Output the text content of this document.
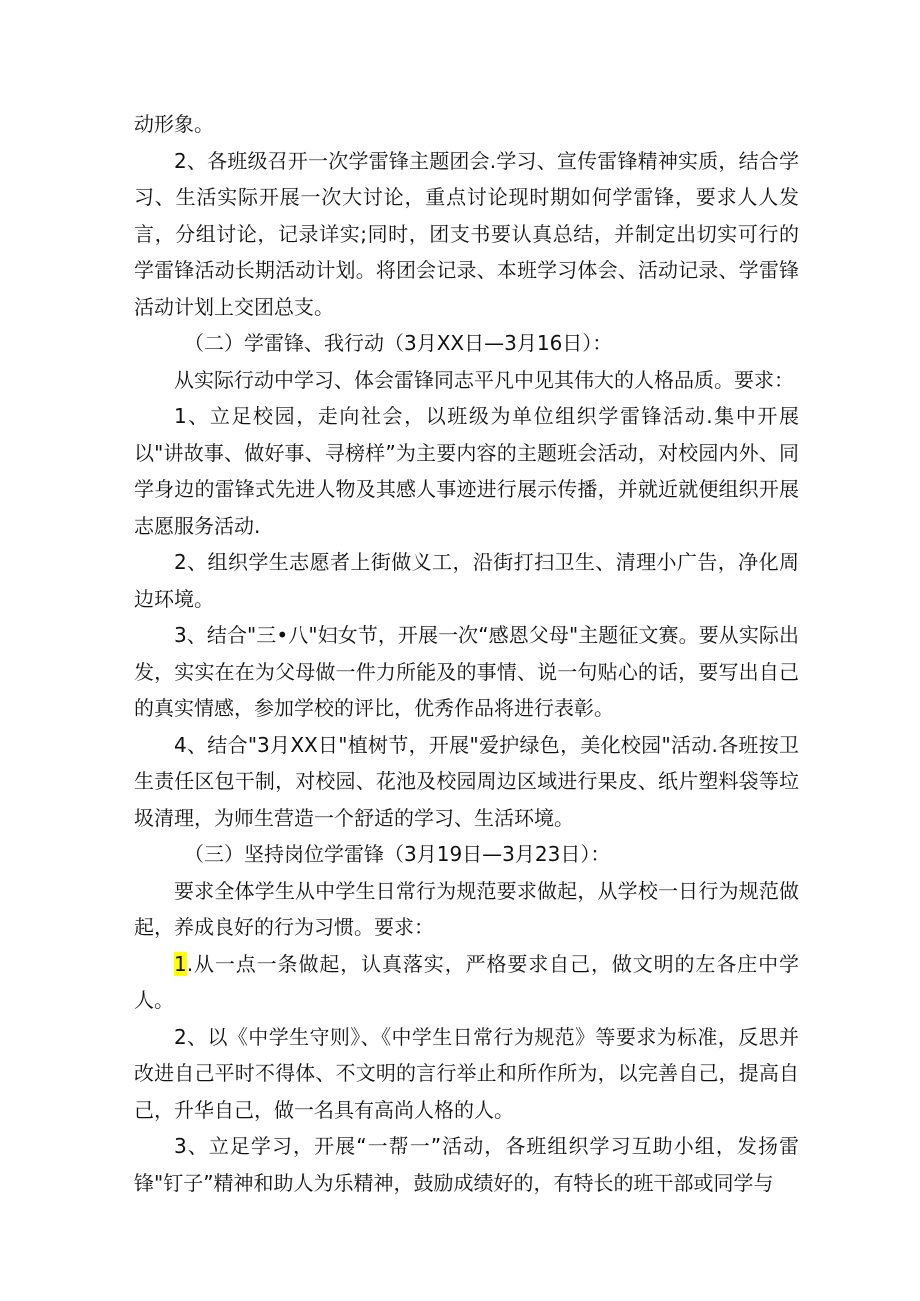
动形象。

2、各班级召开一次学雷锋主题团会.学习、宣传雷锋精神实质，结合学习、生活实际开展一次大讨论，重点讨论现时期如何学雷锋，要求人人发言，分组讨论，记录详实;同时，团支书要认真总结，并制定出切实可行的学雷锋活动长期活动计划。将团会记录、本班学习体会、活动记录、学雷锋活动计划上交团总支。

（二）学雷锋、我行动（3月XX日—3月16日）：

从实际行动中学习、体会雷锋同志平凡中见其伟大的人格品质。要求：

1、立足校园，走向社会，以班级为单位组织学雷锋活动.集中开展以"讲故事、做好事、寻榜样”为主要内容的主题班会活动，对校园内外、同学身边的雷锋式先进人物及其感人事迹进行展示传播，并就近就便组织开展志愿服务活动.

2、组织学生志愿者上街做义工，沿街打扫卫生、清理小广告，净化周边环境。

3、结合"三•八"妇女节，开展一次“感恩父母"主题征文赛。要从实际出发，实实在在为父母做一件力所能及的事情、说一句贴心的话，要写出自己的真实情感，参加学校的评比，优秀作品将进行表彰。

4、结合"3月XX日"植树节，开展"爱护绿色，美化校园"活动.各班按卫生责任区包干制，对校园、花池及校园周边区域进行果皮、纸片塑料袋等垃圾清理，为师生营造一个舒适的学习、生活环境。

（三）坚持岗位学雷锋（3月19日—3月23日）：

要求全体学生从中学生日常行为规范要求做起，从学校一日行为规范做起，养成良好的行为习惯。要求：

1.从一点一条做起，认真落实，严格要求自己，做文明的左各庄中学人。

2、以《中学生守则》、《中学生日常行为规范》等要求为标准，反思并改进自己平时不得体、不文明的言行举止和所作所为，以完善自己，提高自己，升华自己，做一名具有高尚人格的人。

3、立足学习，开展“一帮一”活动，各班组织学习互助小组，发扬雷锋"钉子”精神和助人为乐精神，鼓励成绩好的，有特长的班干部或同学与
